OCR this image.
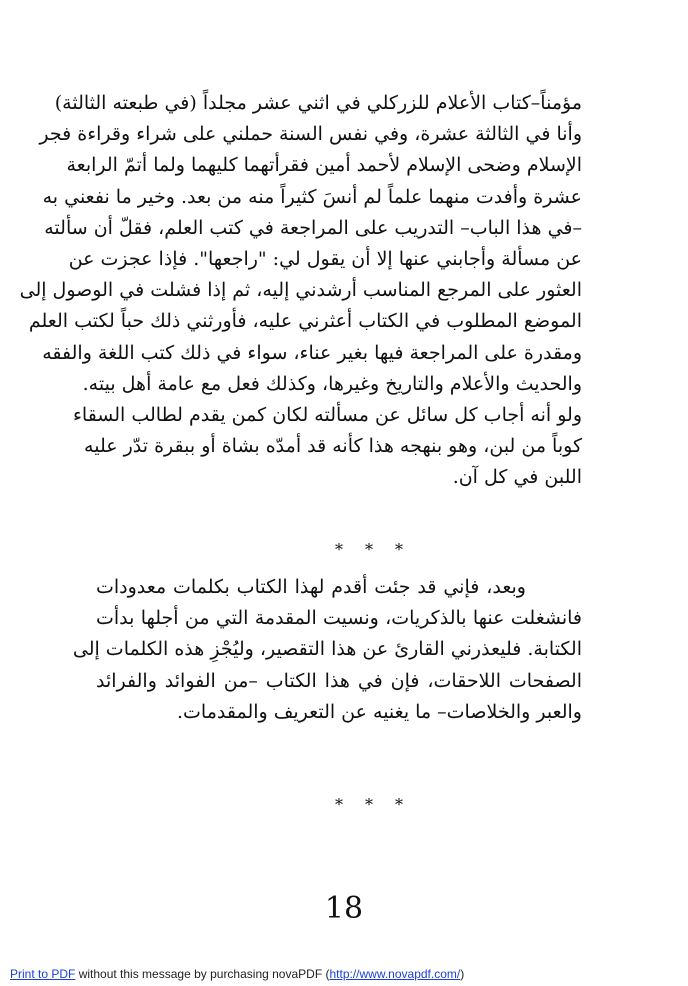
مؤمناً–كتاب الأعلام للزركلي في اثني عشر مجلداً (في طبعته الثالثة)
وأنا في الثالثة عشرة، وفي نفس السنة حملني على شراء وقراءة فجر
الإسلام وضحى الإسلام لأحمد أمين فقرأتهما كليهما ولما أتمّ الرابعة
عشرة وأفدت منهما علماً لم أنسَ كثيراً منه من بعد. وخير ما نفعني به
–في هذا الباب– التدريب على المراجعة في كتب العلم، فقلّ أن سألته
عن مسألة وأجابني عنها إلا أن يقول لي: "راجعها". فإذا عجزت عن
العثور على المرجع المناسب أرشدني إليه، ثم إذا فشلت في الوصول إلى
الموضع المطلوب في الكتاب أعثرني عليه، فأورثني ذلك حباً لكتب العلم
ومقدرة على المراجعة فيها بغير عناء، سواء في ذلك كتب اللغة والفقه
والحديث والأعلام والتاريخ وغيرها، وكذلك فعل مع عامة أهل بيته.
ولو أنه أجاب كل سائل عن مسألته لكان كمن يقدم لطالب السقاء
كوباً من لبن، وهو بنهجه هذا كأنه قد أمدّه بشاة أو ببقرة تدّر عليه
اللبن في كل آن.
* * *
وبعد، فإني قد جئت أقدم لهذا الكتاب بكلمات معدودات
فانشغلت عنها بالذكريات، ونسيت المقدمة التي من أجلها بدأت
الكتابة. فليعذرني القارئ عن هذا التقصير، وليُجْزِ هذه الكلمات إلى
الصفحات اللاحقات، فإن في هذا الكتاب –من الفوائد والفرائد
والعبر والخلاصات– ما يغنيه عن التعريف والمقدمات.
* * *
18
Print to PDF without this message by purchasing novaPDF (http://www.novapdf.com/)
